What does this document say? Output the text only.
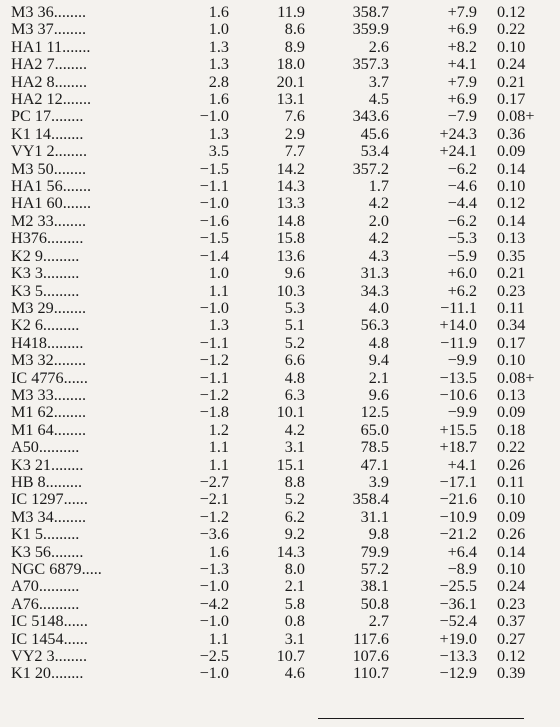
M3 36........	1.6	11.9	358.7	+7.9	0.12
M3 37........	1.0	8.6	359.9	+6.9	0.22
HA1 11.......	1.3	8.9	2.6	+8.2	0.10
HA2 7........	1.3	18.0	357.3	+4.1	0.24
HA2 8........	2.8	20.1	3.7	+7.9	0.21
HA2 12.......	1.6	13.1	4.5	+6.9	0.17
PC 17........	−1.0	7.6	343.6	−7.9	0.08+
K1 14........	1.3	2.9	45.6	+24.3	0.36
VY1 2........	3.5	7.7	53.4	+24.1	0.09
M3 50........	−1.5	14.2	357.2	−6.2	0.14
HA1 56.......	−1.1	14.3	1.7	−4.6	0.10
HA1 60.......	−1.0	13.3	4.2	−4.4	0.12
M2 33........	−1.6	14.8	2.0	−6.2	0.14
H376.........	−1.5	15.8	4.2	−5.3	0.13
K2 9.........	−1.4	13.6	4.3	−5.9	0.35
K3 3.........	1.0	9.6	31.3	+6.0	0.21
K3 5.........	1.1	10.3	34.3	+6.2	0.23
M3 29........	−1.0	5.3	4.0	−11.1	0.11
K2 6.........	1.3	5.1	56.3	+14.0	0.34
H418.........	−1.1	5.2	4.8	−11.9	0.17
M3 32........	−1.2	6.6	9.4	−9.9	0.10
IC 4776......	−1.1	4.8	2.1	−13.5	0.08+
M3 33........	−1.2	6.3	9.6	−10.6	0.13
M1 62........	−1.8	10.1	12.5	−9.9	0.09
M1 64........	1.2	4.2	65.0	+15.5	0.18
A50..........	1.1	3.1	78.5	+18.7	0.22
K3 21........	1.1	15.1	47.1	+4.1	0.26
HB 8.........	−2.7	8.8	3.9	−17.1	0.11
IC 1297......	−2.1	5.2	358.4	−21.6	0.10
M3 34........	−1.2	6.2	31.1	−10.9	0.09
K1 5.........	−3.6	9.2	9.8	−21.2	0.26
K3 56........	1.6	14.3	79.9	+6.4	0.14
NGC 6879.....	−1.3	8.0	57.2	−8.9	0.10
A70..........	−1.0	2.1	38.1	−25.5	0.24
A76..........	−4.2	5.8	50.8	−36.1	0.23
IC 5148......	−1.0	0.8	2.7	−52.4	0.37
IC 1454......	1.1	3.1	117.6	+19.0	0.27
VY2 3........	−2.5	10.7	107.6	−13.3	0.12
K1 20........	−1.0	4.6	110.7	−12.9	0.39
